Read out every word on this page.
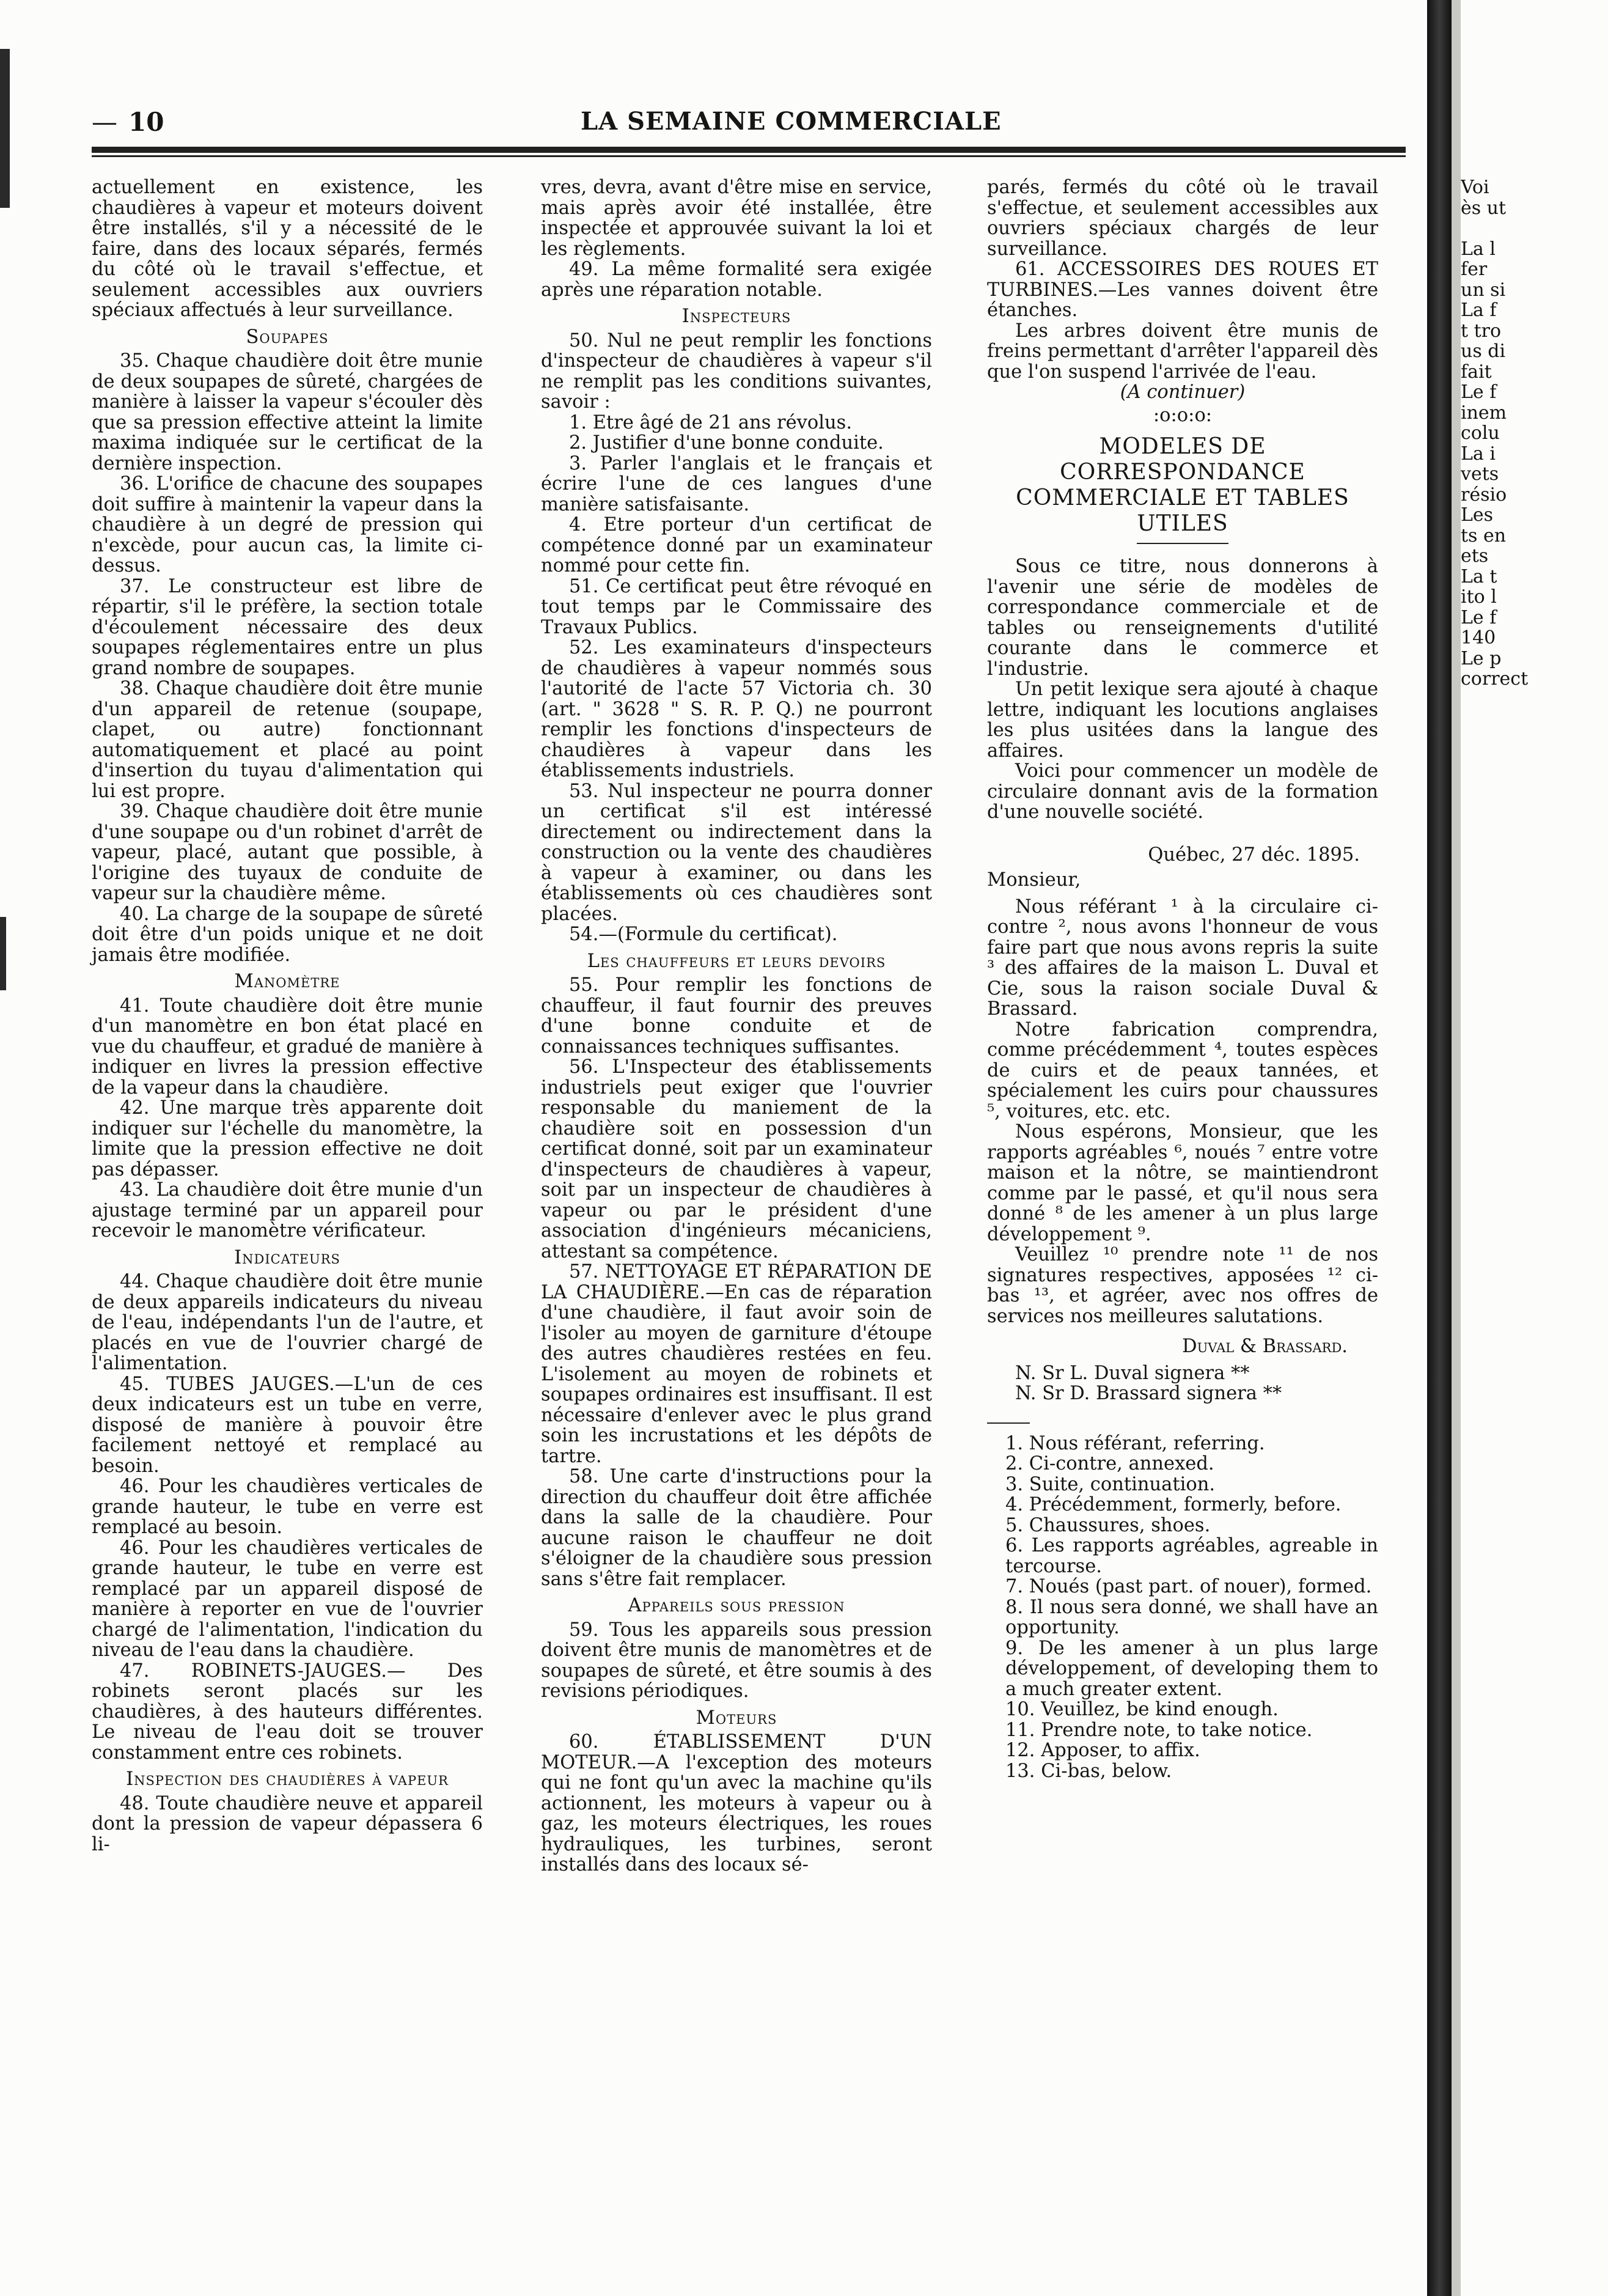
— 10	LA SEMAINE COMMERCIALE

actuellement en existence, les chaudières à vapeur et moteurs doivent être installés, s'il y a nécessité de le faire, dans des locaux séparés, fermés du côté où le travail s'effectue, et seulement accessibles aux ouvriers spéciaux affectués à leur surveillance.

Soupapes

35. Chaque chaudière doit être munie de deux soupapes de sûreté, chargées de manière à laisser la vapeur s'écouler dès que sa pression effective atteint la limite maxima indiquée sur le certificat de la dernière inspection.

36. L'orifice de chacune des soupapes doit suffire à maintenir la vapeur dans la chaudière à un degré de pression qui n'excède, pour aucun cas, la limite ci-dessus.

37. Le constructeur est libre de répartir, s'il le préfère, la section totale d'écoulement nécessaire des deux soupapes réglementaires entre un plus grand nombre de soupapes.

38. Chaque chaudière doit être munie d'un appareil de retenue (soupape, clapet, ou autre) fonctionnant automatiquement et placé au point d'insertion du tuyau d'alimentation qui lui est propre.

39. Chaque chaudière doit être munie d'une soupape ou d'un robinet d'arrêt de vapeur, placé, autant que possible, à l'origine des tuyaux de conduite de vapeur sur la chaudière même.

40. La charge de la soupape de sûreté doit être d'un poids unique et ne doit jamais être modifiée.

Manomètre

41. Toute chaudière doit être munie d'un manomètre en bon état placé en vue du chauffeur, et gradué de manière à indiquer en livres la pression effective de la vapeur dans la chaudière.

42. Une marque très apparente doit indiquer sur l'échelle du manomètre, la limite que la pression effective ne doit pas dépasser.

43. La chaudière doit être munie d'un ajustage terminé par un appareil pour recevoir le manomètre vérificateur.

Indicateurs

44. Chaque chaudière doit être munie de deux appareils indicateurs du niveau de l'eau, indépendants l'un de l'autre, et placés en vue de l'ouvrier chargé de l'alimentation.

45. TUBES JAUGES.—L'un de ces deux indicateurs est un tube en verre, disposé de manière à pouvoir être facilement nettoyé et remplacé au besoin.

46. Pour les chaudières verticales de grande hauteur, le tube en verre est remplacé au besoin.

46. Pour les chaudières verticales de grande hauteur, le tube en verre est remplacé par un appareil disposé de manière à reporter en vue de l'ouvrier chargé de l'alimentation, l'indication du niveau de l'eau dans la chaudière.

47. ROBINETS-JAUGES.— Des robinets seront placés sur les chaudières, à des hauteurs différentes. Le niveau de l'eau doit se trouver constamment entre ces robinets.

Inspection des chaudières à vapeur

48. Toute chaudière neuve et appareil dont la pression de vapeur dépassera 6 li-

vres, devra, avant d'être mise en service, mais après avoir été installée, être inspectée et approuvée suivant la loi et les règlements.

49. La même formalité sera exigée après une réparation notable.

Inspecteurs

50. Nul ne peut remplir les fonctions d'inspecteur de chaudières à vapeur s'il ne remplit pas les conditions suivantes, savoir :

1. Etre âgé de 21 ans révolus.

2. Justifier d'une bonne conduite.

3. Parler l'anglais et le français et écrire l'une de ces langues d'une manière satisfaisante.

4. Etre porteur d'un certificat de compétence donné par un examinateur nommé pour cette fin.

51. Ce certificat peut être révoqué en tout temps par le Commissaire des Travaux Publics.

52. Les examinateurs d'inspecteurs de chaudières à vapeur nommés sous l'autorité de l'acte 57 Victoria ch. 30 (art. " 3628 " S. R. P. Q.) ne pourront remplir les fonctions d'inspecteurs de chaudières à vapeur dans les établissements industriels.

53. Nul inspecteur ne pourra donner un certificat s'il est intéressé directement ou indirectement dans la construction ou la vente des chaudières à vapeur à examiner, ou dans les établissements où ces chaudières sont placées.

54.—(Formule du certificat).

Les chauffeurs et leurs devoirs

55. Pour remplir les fonctions de chauffeur, il faut fournir des preuves d'une bonne conduite et de connaissances techniques suffisantes.

56. L'Inspecteur des établissements industriels peut exiger que l'ouvrier responsable du maniement de la chaudière soit en possession d'un certificat donné, soit par un examinateur d'inspecteurs de chaudières à vapeur, soit par un inspecteur de chaudières à vapeur ou par le président d'une association d'ingénieurs mécaniciens, attestant sa compétence.

57. NETTOYAGE ET RÉPARATION DE LA CHAUDIÈRE.—En cas de réparation d'une chaudière, il faut avoir soin de l'isoler au moyen de garniture d'étoupe des autres chaudières restées en feu. L'isolement au moyen de robinets et soupapes ordinaires est insuffisant. Il est nécessaire d'enlever avec le plus grand soin les incrustations et les dépôts de tartre.

58. Une carte d'instructions pour la direction du chauffeur doit être affichée dans la salle de la chaudière. Pour aucune raison le chauffeur ne doit s'éloigner de la chaudière sous pression sans s'être fait remplacer.

Appareils sous pression

59. Tous les appareils sous pression doivent être munis de manomètres et de soupapes de sûreté, et être soumis à des revisions périodiques.

Moteurs

60. ÉTABLISSEMENT D'UN MOTEUR.—A l'exception des moteurs qui ne font qu'un avec la machine qu'ils actionnent, les moteurs à vapeur ou à gaz, les moteurs électriques, les roues hydrauliques, les turbines, seront installés dans des locaux sé-

parés, fermés du côté où le travail s'effectue, et seulement accessibles aux ouvriers spéciaux chargés de leur surveillance.

61. ACCESSOIRES DES ROUES ET TURBINES.—Les vannes doivent être étanches.

Les arbres doivent être munis de freins permettant d'arrêter l'appareil dès que l'on suspend l'arrivée de l'eau.

(A continuer)

:o:o:o:

MODELES DE CORRESPONDANCE COMMERCIALE ET TABLES UTILES

Sous ce titre, nous donnerons à l'avenir une série de modèles de correspondance commerciale et de tables ou renseignements d'utilité courante dans le commerce et l'industrie.

Un petit lexique sera ajouté à chaque lettre, indiquant les locutions anglaises les plus usitées dans la langue des affaires.

Voici pour commencer un modèle de circulaire donnant avis de la formation d'une nouvelle société.

Québec, 27 déc. 1895.

Monsieur,

Nous référant ¹ à la circulaire ci-contre ², nous avons l'honneur de vous faire part que nous avons repris la suite ³ des affaires de la maison L. Duval et Cie, sous la raison sociale Duval & Brassard.

Notre fabrication comprendra, comme précédemment ⁴, toutes espèces de cuirs et de peaux tannées, et spécialement les cuirs pour chaussures ⁵, voitures, etc. etc.

Nous espérons, Monsieur, que les rapports agréables ⁶, noués ⁷ entre votre maison et la nôtre, se maintiendront comme par le passé, et qu'il nous sera donné ⁸ de les amener à un plus large développement ⁹.

Veuillez ¹⁰ prendre note ¹¹ de nos signatures respectives, apposées ¹² ci-bas ¹³, et agréer, avec nos offres de services nos meilleures salutations.

Duval & Brassard.

N. Sr L. Duval signera **

N. Sr D. Brassard signera **

1. Nous référant, referring.
2. Ci-contre, annexed.
3. Suite, continuation.
4. Précédemment, formerly, before.
5. Chaussures, shoes.
6. Les rapports agréables, agreable in tercourse.
7. Noués (past part. of nouer), formed.
8. Il nous sera donné, we shall have an opportunity.
9. De les amener à un plus large développement, of developing them to a much greater extent.
10. Veuillez, be kind enough.
11. Prendre note, to take notice.
12. Apposer, to affix.
13. Ci-bas, below.
Voi
ès ut
La l
fer
un si
La f
t tro
us di
fait
Le f
inem
colu
La i
vets
résio
Les
ts en
ets
La t
ito l
Le f
140
Le p
correct
